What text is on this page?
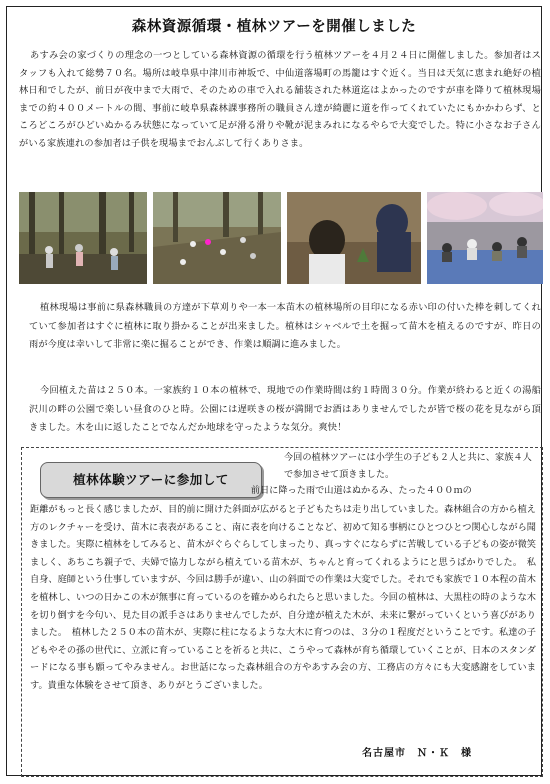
森林資源循環・植林ツアーを開催しました

あすみ会の家づくりの理念の一つとしている森林資源の循環を行う植林ツアーを４月２４日に開催しました。参加者はスタッフも入れて総勢７０名。場所は岐阜県中津川市神坂で、中仙道落場町の馬籠はすぐ近く。当日は天気に恵まれ絶好の植林日和でしたが、前日が夜中まで大雨で、そのための車で入れる舗装された林道迄はよかったのですが車を降りて植林現場までの約４００メートルの間、事前に岐阜県森林課事務所の職員さん達が綺麗に道を作ってくれていたにもかかわらず、ところどころがひどいぬかるみ状態になっていて足が滑る滑りや靴が泥まみれになるやらで大変でした。特に小さなお子さんがいる家族連れの参加者は子供を現場までおんぶして行くありさま。

植林現場は事前に県森林職員の方達が下草刈りや一本一本苗木の植林場所の目印になる赤い印の付いた棒を刺してくれていて参加者はすぐに植林に取り掛かることが出来ました。植林はシャベルで土を掘って苗木を植えるのですが、昨日の雨が今度は幸いして非常に楽に掘ることができ、作業は順調に進みました。

今回植えた苗は２５０本。一家族約１０本の植林で、現地での作業時間は約１時間３０分。作業が終わると近くの湯船沢川の畔の公園で楽しい昼食のひと時。公園には遅咲きの桜が満開でお酒はありませんでしたが皆で桜の花を見ながら頂きました。木を山に返したことでなんだか地球を守ったような気分。爽快！

植林体験ツアーに参加して

今回の植林ツアーには小学生の子ども２人と共に、家族４人で参加させて頂きました。

前日に降った雨で山道はぬかるみ、たった４００ｍの

距離がもっと長く感じましたが、目的前に開けた斜面が広がると子どもたちは走り出していました。森林組合の方から植え方のレクチャーを受け、苗木に表表があること、南に表を向けることなど、初めて知る事柄にひとつひとつ関心しながら聞きました。実際に植林をしてみると、苗木がぐらぐらしてしまったり、真っすぐにならずに苦戦している子どもの姿が微笑ましく、あちこち親子で、夫婦で協力しながら植えている苗木が、ちゃんと育ってくれるようにと思うばかりでした。　私自身、庭師という仕事していますが、今回は勝手が違い、山の斜面での作業は大変でした。それでも家族で１０本程の苗木を植林し、いつの日かこの木が無事に育っているのを確かめられたらと思いました。今回の植林は、大黒柱の時のような木を切り倒すを今句い、見た目の派手さはありませんでしたが、自分達が植えた木が、未来に繋がっていくという喜びがありました。　植林した２５０本の苗木が、実際に柱になるような大木に育つのは、３分の１程度だということです。私達の子どもやその孫の世代に、立派に育っていることを祈ると共に、こうやって森林が育ち循環していくことが、日本のスタンダードになる事も願ってやみません。お世話になった森林組合の方やあすみ会の方、工務店の方々にも大変感謝をしています。貴重な体験をさせて頂き、ありがとうございました。

名古屋市　Ｎ・Ｋ　様
